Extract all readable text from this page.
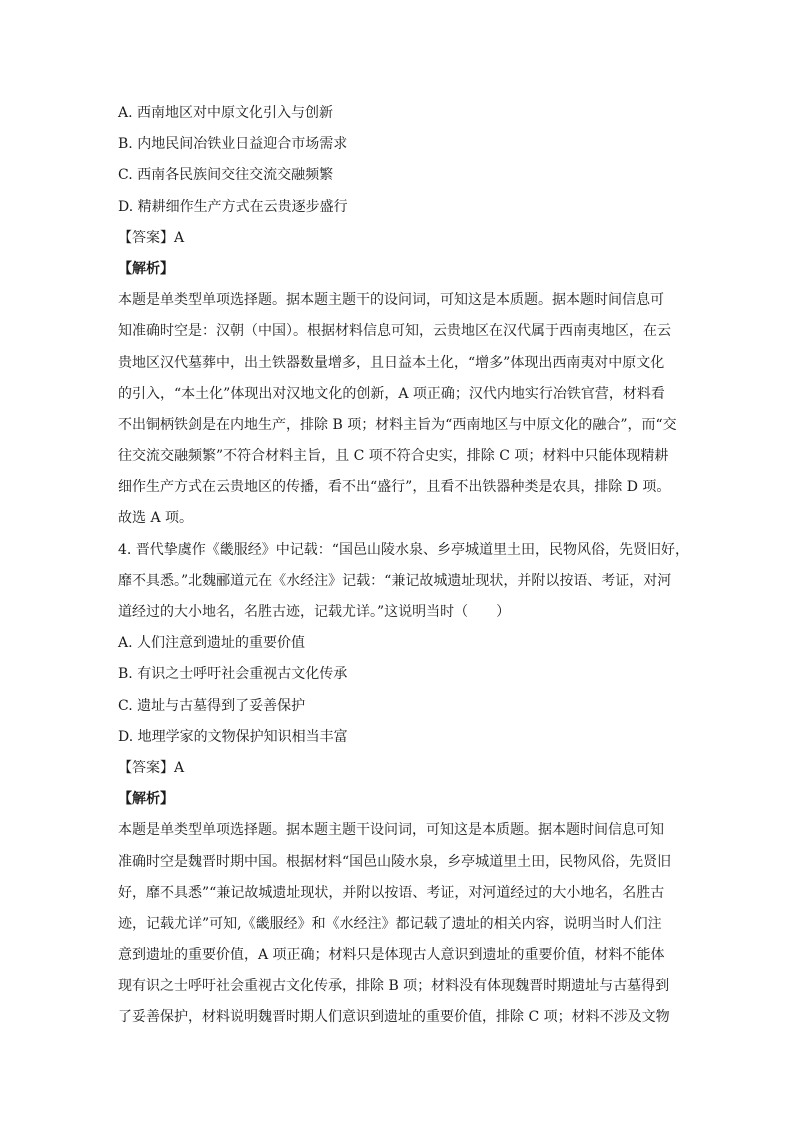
A. 西南地区对中原文化引入与创新

B. 内地民间冶铁业日益迎合市场需求

C. 西南各民族间交往交流交融频繁

D. 精耕细作生产方式在云贵逐步盛行

【答案】A

【解析】

本题是单类型单项选择题。据本题主题干的设问词，可知这是本质题。据本题时间信息可

知准确时空是：汉朝（中国）。根据材料信息可知，云贵地区在汉代属于西南夷地区，在云

贵地区汉代墓葬中，出土铁器数量增多，且日益本土化，“增多”体现出西南夷对中原文化

的引入，“本土化”体现出对汉地文化的创新，A 项正确；汉代内地实行冶铁官营，材料看

不出铜柄铁剑是在内地生产，排除 B 项；材料主旨为“西南地区与中原文化的融合”，而“交

往交流交融频繁”不符合材料主旨，且 C 项不符合史实，排除 C 项；材料中只能体现精耕

细作生产方式在云贵地区的传播，看不出“盛行”，且看不出铁器种类是农具，排除 D 项。

故选 A 项。

4. 晋代挚虞作《畿服经》中记载：“国邑山陵水泉、乡亭城道里土田，民物风俗，先贤旧好，

靡不具悉。”北魏郦道元在《水经注》记载：“兼记故城遗址现状，并附以按语、考证，对河

道经过的大小地名，名胜古迹，记载尤详。”这说明当时（　　）

A. 人们注意到遗址的重要价值

B. 有识之士呼吁社会重视古文化传承

C. 遗址与古墓得到了妥善保护

D. 地理学家的文物保护知识相当丰富

【答案】A

【解析】

本题是单类型单项选择题。据本题主题干设问词，可知这是本质题。据本题时间信息可知

准确时空是魏晋时期中国。根据材料“国邑山陵水泉，乡亭城道里土田，民物风俗，先贤旧

好，靡不具悉”“兼记故城遗址现状，并附以按语、考证，对河道经过的大小地名，名胜古

迹，记载尤详”可知,《畿服经》和《水经注》都记载了遗址的相关内容，说明当时人们注

意到遗址的重要价值，A 项正确；材料只是体现古人意识到遗址的重要价值，材料不能体

现有识之士呼吁社会重视古文化传承，排除 B 项；材料没有体现魏晋时期遗址与古墓得到

了妥善保护，材料说明魏晋时期人们意识到遗址的重要价值，排除 C 项；材料不涉及文物
